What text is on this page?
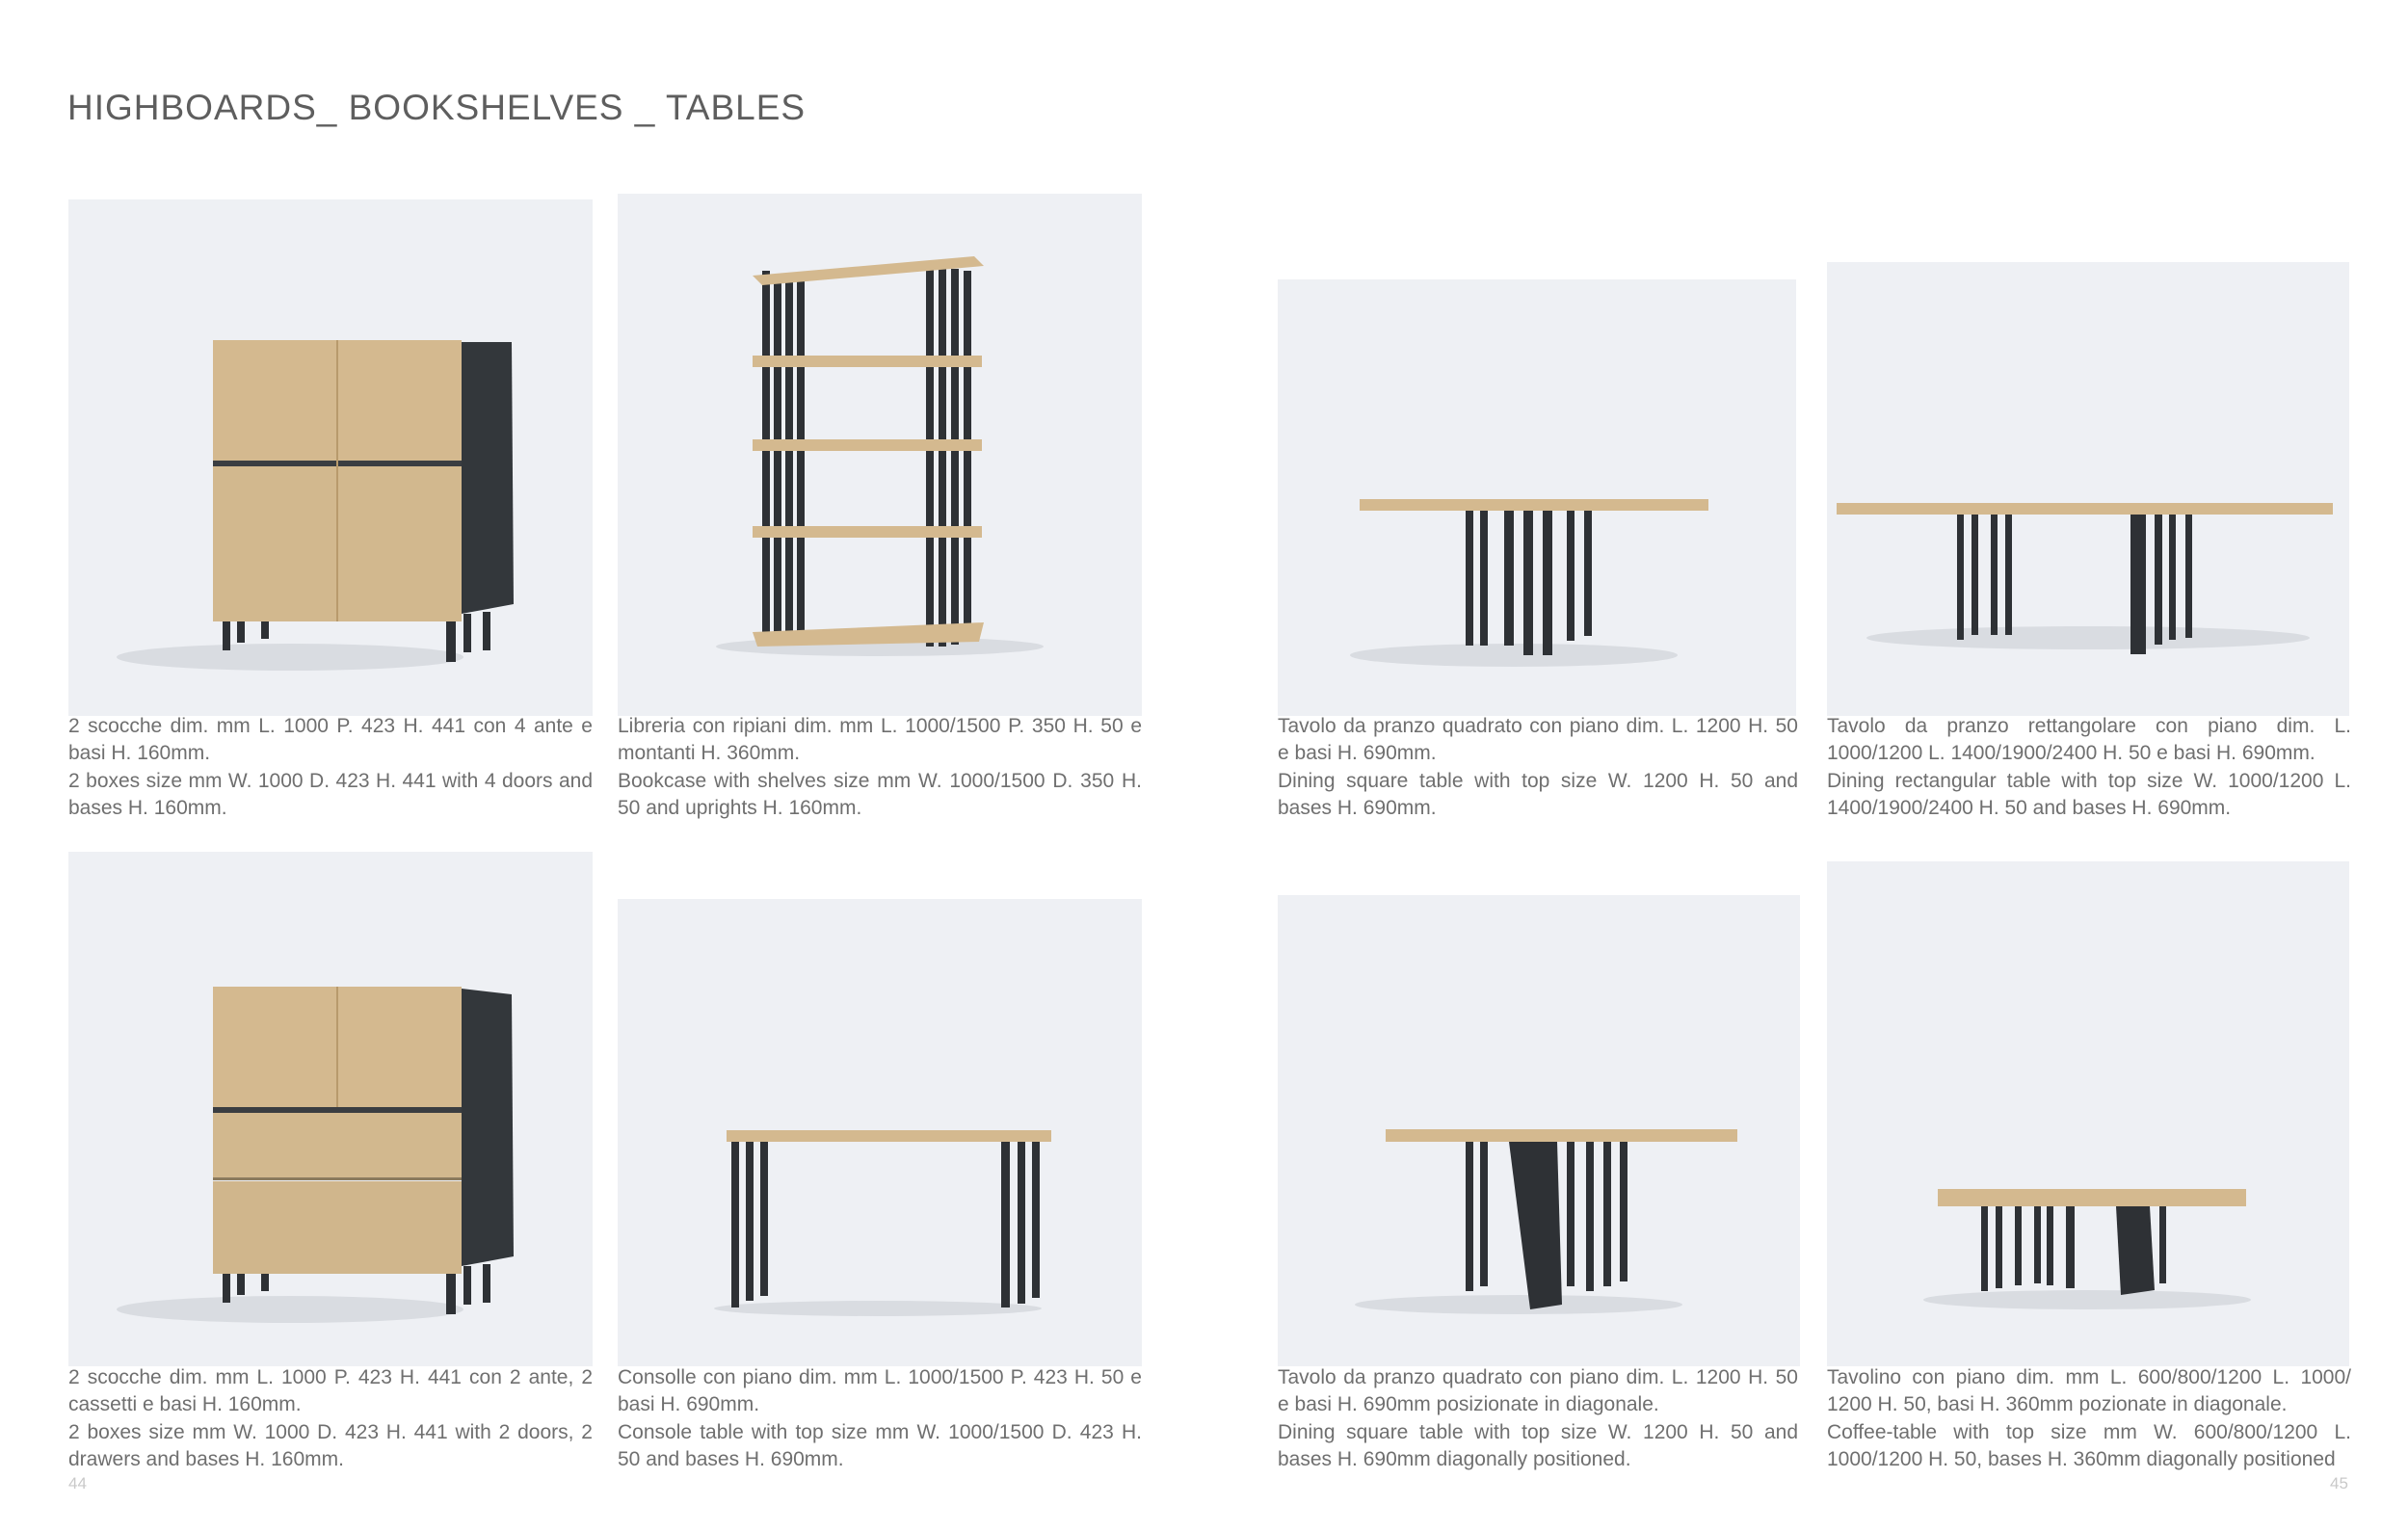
HIGHBOARDS_ BOOKSHELVES _ TABLES

2 scocche dim. mm L. 1000 P. 423 H. 441 con 4 ante e basi H. 160mm.

2 boxes size mm W. 1000 D. 423 H. 441 with 4 doors and bases H. 160mm.

Libreria con ripiani dim. mm L. 1000/1500 P. 350 H. 50 e montanti H. 360mm.

Bookcase with shelves size mm W. 1000/1500 D. 350 H. 50 and uprights H. 160mm.

Tavolo da pranzo quadrato con piano dim. L. 1200 H. 50 e basi H. 690mm.

Dining square table with top size W. 1200 H. 50 and bases H. 690mm.

Tavolo da pranzo rettangolare con piano dim. L. 1000/1200 L. 1400/1900/2400 H. 50 e basi H. 690mm.

Dining rectangular table with top size W. 1000/1200 L. 1400/1900/2400 H. 50 and bases H. 690mm.

2 scocche dim. mm L. 1000 P. 423 H. 441 con 2 ante, 2 cassetti e basi H. 160mm.

2 boxes size mm W. 1000 D. 423 H. 441 with 2 doors, 2 drawers and bases H. 160mm.

Consolle con piano dim. mm L. 1000/1500 P. 423 H. 50 e basi H. 690mm.

Console table with top size mm W. 1000/1500 D. 423 H. 50 and bases H. 690mm.

Tavolo da pranzo quadrato con piano dim. L. 1200 H. 50 e basi H. 690mm posizionate in diagonale.

Dining square table with top size W. 1200 H. 50 and bases H. 690mm diagonally positioned.

Tavolino con piano dim. mm L. 600/800/1200 L. 1000/ 1200 H. 50, basi H. 360mm pozionate in diagonale.

Coffee-table with top size mm W. 600/800/1200 L. 1000/1200 H. 50, bases H. 360mm diagonally positioned

44	45
